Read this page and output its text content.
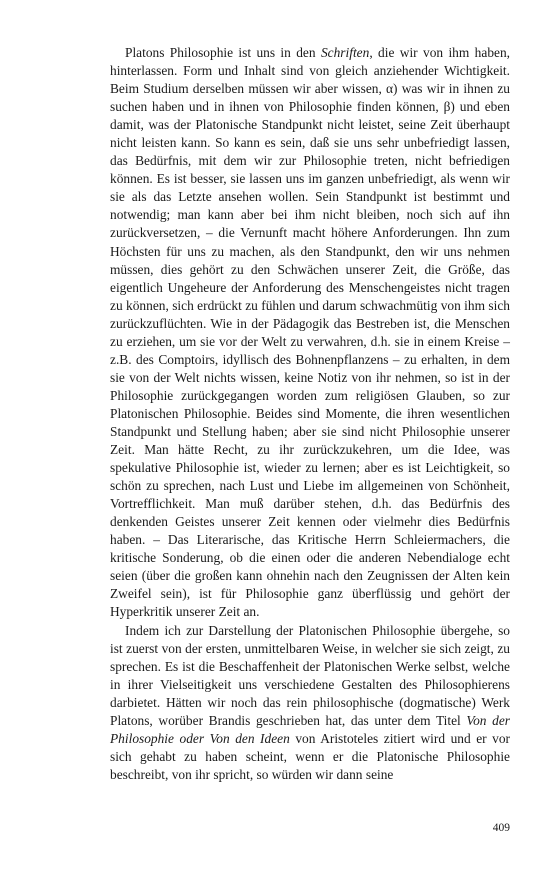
Platons Philosophie ist uns in den Schriften, die wir von ihm haben, hinterlassen. Form und Inhalt sind von gleich anziehender Wichtigkeit. Beim Studium derselben müssen wir aber wissen, α) was wir in ihnen zu suchen haben und in ihnen von Philosophie finden können, β) und eben damit, was der Platonische Standpunkt nicht leistet, seine Zeit überhaupt nicht leisten kann. So kann es sein, daß sie uns sehr unbefriedigt lassen, das Bedürfnis, mit dem wir zur Philosophie treten, nicht befriedigen können. Es ist besser, sie lassen uns im ganzen unbefriedigt, als wenn wir sie als das Letzte ansehen wollen. Sein Standpunkt ist bestimmt und notwendig; man kann aber bei ihm nicht bleiben, noch sich auf ihn zurückversetzen, – die Vernunft macht höhere Anforderungen. Ihn zum Höchsten für uns zu machen, als den Standpunkt, den wir uns nehmen müssen, dies gehört zu den Schwächen unserer Zeit, die Größe, das eigentlich Ungeheure der Anforderung des Menschengeistes nicht tragen zu können, sich erdrückt zu fühlen und darum schwachmütig von ihm sich zurückzuflüchten. Wie in der Pädagogik das Bestreben ist, die Menschen zu erziehen, um sie vor der Welt zu verwahren, d.h. sie in einem Kreise – z.B. des Comptoirs, idyllisch des Bohnenpflanzens – zu erhalten, in dem sie von der Welt nichts wissen, keine Notiz von ihr nehmen, so ist in der Philosophie zurückgegangen worden zum religiösen Glauben, so zur Platonischen Philosophie. Beides sind Momente, die ihren wesentlichen Standpunkt und Stellung haben; aber sie sind nicht Philosophie unserer Zeit. Man hätte Recht, zu ihr zurückzukehren, um die Idee, was spekulative Philosophie ist, wieder zu lernen; aber es ist Leichtigkeit, so schön zu sprechen, nach Lust und Liebe im allgemeinen von Schönheit, Vortrefflichkeit. Man muß darüber stehen, d.h. das Bedürfnis des denkenden Geistes unserer Zeit kennen oder vielmehr dies Bedürfnis haben. – Das Literarische, das Kritische Herrn Schleiermachers, die kritische Sonderung, ob die einen oder die anderen Nebendialoge echt seien (über die großen kann ohnehin nach den Zeugnissen der Alten kein Zweifel sein), ist für Philosophie ganz überflüssig und gehört der Hyperkritik unserer Zeit an.

Indem ich zur Darstellung der Platonischen Philosophie übergehe, so ist zuerst von der ersten, unmittelbaren Weise, in welcher sie sich zeigt, zu sprechen. Es ist die Beschaffenheit der Platonischen Werke selbst, welche in ihrer Vielseitigkeit uns verschiedene Gestalten des Philosophierens darbietet. Hätten wir noch das rein philosophische (dogmatische) Werk Platons, worüber Brandis geschrieben hat, das unter dem Titel Von der Philosophie oder Von den Ideen von Aristoteles zitiert wird und er vor sich gehabt zu haben scheint, wenn er die Platonische Philosophie beschreibt, von ihr spricht, so würden wir dann seine

409
